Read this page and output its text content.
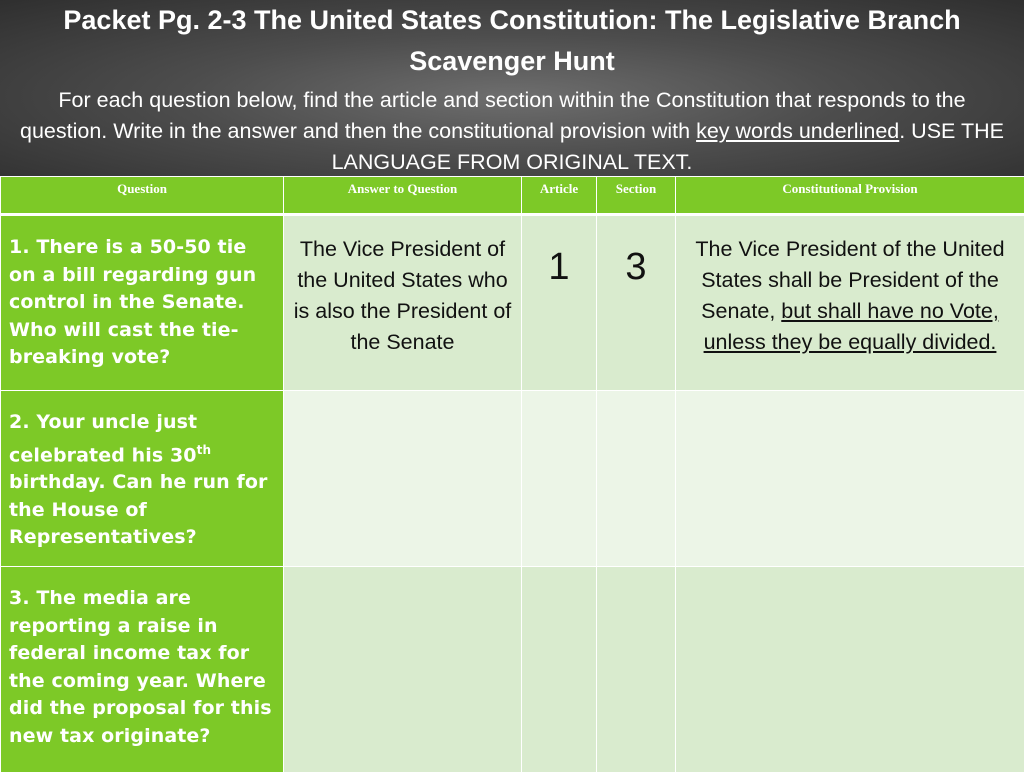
Packet Pg. 2-3 The United States Constitution: The Legislative Branch Scavenger Hunt

For each question below, find the article and section within the Constitution that responds to the question. Write in the answer and then the constitutional provision with key words underlined. USE THE LANGUAGE FROM ORIGINAL TEXT.

Question	Answer to Question	Article	Section	Constitutional Provision
1. There is a 50-50 tie on a bill regarding gun control in the Senate. Who will cast the tie-breaking vote?	The Vice President of the United States who is also the President of the Senate	1	3	The Vice President of the United States shall be President of the Senate, but shall have no Vote, unless they be equally divided.
2. Your uncle just celebrated his 30th birthday. Can he run for the House of Representatives?				
3. The media are reporting a raise in federal income tax for the coming year. Where did the proposal for this new tax originate?				
